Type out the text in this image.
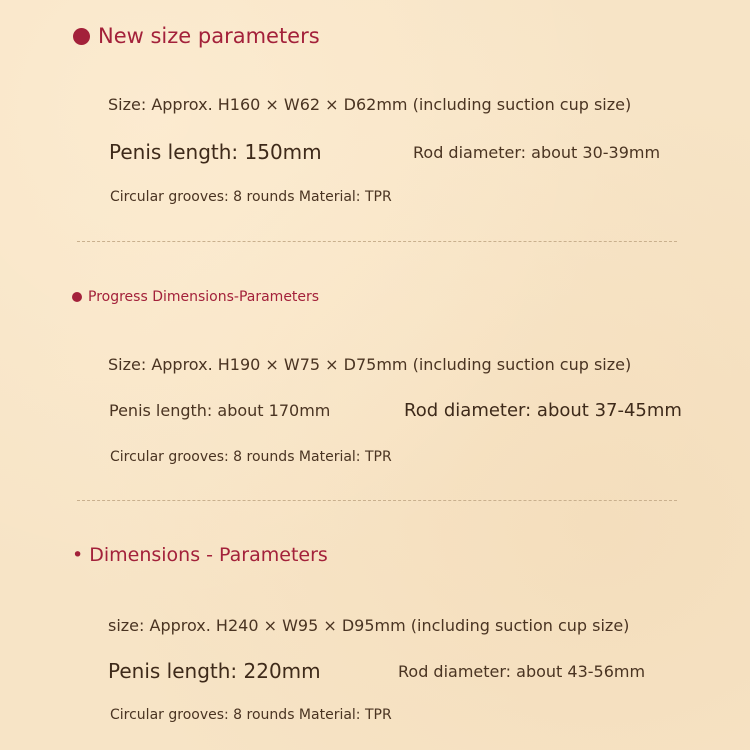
New size parameters
Size: Approx. H160 × W62 × D62mm (including suction cup size)
Penis length: 150mm	Rod diameter: about 30-39mm
Circular grooves: 8 rounds Material: TPR
Progress Dimensions-Parameters
Size: Approx. H190 × W75 × D75mm (including suction cup size)
Penis length: about 170mm	Rod diameter: about 37-45mm
Circular grooves: 8 rounds Material: TPR
• Dimensions - Parameters
size: Approx. H240 × W95 × D95mm (including suction cup size)
Penis length: 220mm	Rod diameter: about 43-56mm
Circular grooves: 8 rounds Material: TPR
